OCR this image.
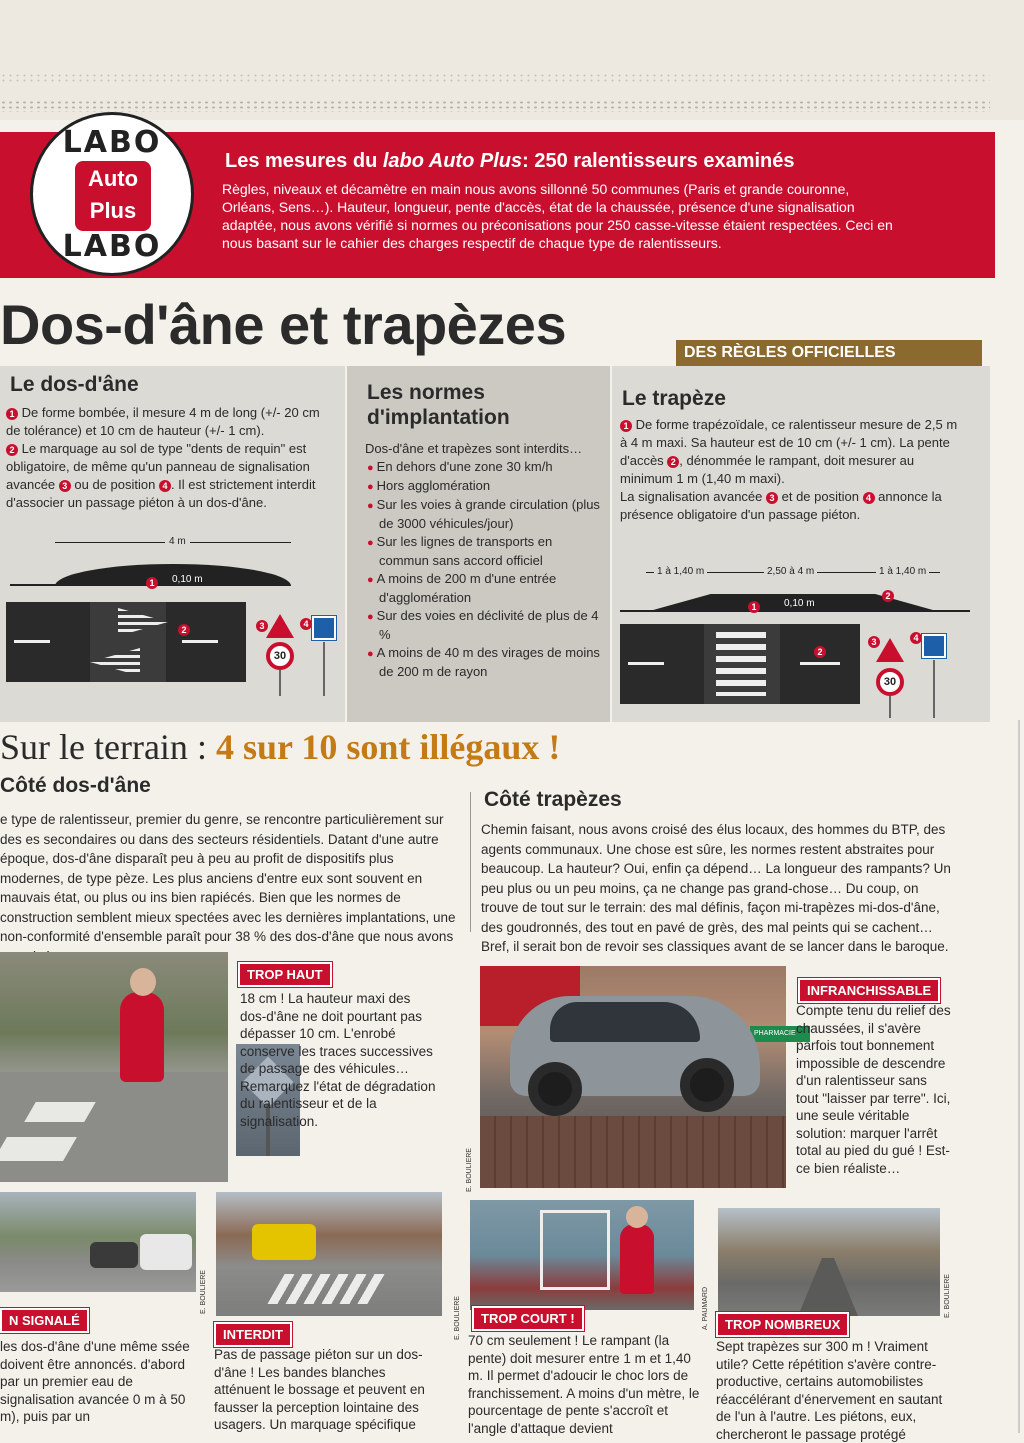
LABO
Auto
Plus
LABO
Les mesures du labo Auto Plus: 250 ralentisseurs examinés
Règles, niveaux et décamètre en main nous avons sillonné 50 communes (Paris et grande couronne, Orléans, Sens…). Hauteur, longueur, pente d'accès, état de la chaussée, présence d'une signalisation adaptée, nous avons vérifié si normes ou préconisations pour 250 casse-vitesse étaient respectées. Ceci en nous basant sur le cahier des charges respectif de chaque type de ralentisseurs.
Dos-d'âne et trapèzes	DES RÈGLES OFFICIELLES
Le dos-d'âne
1 De forme bombée, il mesure 4 m de long (+/- 20 cm de tolérance) et 10 cm de hauteur (+/- 1 cm).
2 Le marquage au sol de type "dents de requin" est obligatoire, de même qu'un panneau de signalisation avancée 3 ou de position 4 . Il est strictement interdit d'associer un passage piéton à un dos-d'âne.
4 m
1	0,10 m
2	3
30
4
Les normes d'implantation
Dos-d'âne et trapèzes sont interdits…
● En dehors d'une zone 30 km/h
● Hors agglomération
● Sur les voies à grande circulation (plus de 3000 véhicules/jour)
● Sur les lignes de transports en commun sans accord officiel
● A moins de 200 m d'une entrée d'agglomération
● Sur des voies en déclivité de plus de 4 %
● A moins de 40 m des virages de moins de 200 m de rayon
Le trapèze
1 De forme trapézoïdale, ce ralentisseur mesure de 2,5 m à 4 m maxi. Sa hauteur est de 10 cm (+/- 1 cm). La pente d'accès 2 , dénommée le rampant, doit mesurer au minimum 1 m (1,40 m maxi).
La signalisation avancée 3 et de position 4 annonce la présence obligatoire d'un passage piéton.
1 à 1,40 m	2,50 à 4 m	1 à 1,40 m
1	0,10 m
2
2
3
30
4
Sur le terrain : 4 sur 10 sont illégaux !
Côté dos-d'âne
Côté trapèzes
e type de ralentisseur, premier du genre, se rencontre particulièrement sur des es secondaires ou dans des secteurs résidentiels. Datant d'une autre époque, dos-d'âne disparaît peu à peu au profit de dispositifs plus modernes, de type pèze. Les plus anciens d'entre eux sont souvent en mauvais état, ou plus ou ins bien rapiécés. Bien que les normes de construction semblent mieux spectées avec les dernières implantations, une non-conformité d'ensemble paraît pour 38 % des dos-d'âne que nous avons
Chemin faisant, nous avons croisé des élus locaux, des hommes du BTP, des agents communaux. Une chose est sûre, les normes restent abstraites pour beaucoup. La hauteur? Oui, enfin ça dépend… La longueur des rampants? Un peu plus ou un peu moins, ça ne change pas grand-chose… Du coup, on trouve de tout sur le terrain: des mal définis, façon mi-trapèzes mi-dos-d'âne, des goudronnés, des tout en pavé de grès, des mal peints qui se cachent… Bref, il serait bon de revoir ses classiques avant de se lancer dans le baroque.
TROP HAUT
18 cm ! La hauteur maxi des dos-d'âne ne doit pourtant pas dépasser 10 cm. L'enrobé conserve les traces successives de passage des véhicules… Remarquez l'état de dégradation du ralentisseur et de la signalisation.
PHARMACIE
E. BOULIERE
INFRANCHISSABLE
Compte tenu du relief des chaussées, il s'avère parfois tout bonnement impossible de descendre d'un ralentisseur sans tout "laisser par terre". Ici, une seule véritable solution: marquer l'arrêt total au pied du gué ! Est-ce bien réaliste…
N SIGNALÉ
les dos-d'âne d'une même ssée doivent être annoncés. d'abord par un premier eau de signalisation avancée 0 m à 50 m), puis par un
E. BOULIERE
INTERDIT
Pas de passage piéton sur un dos-d'âne ! Les bandes blanches atténuent le bossage et peuvent en fausser la perception lointaine des usagers. Un marquage spécifique
E. BOULIERE	A. PAUMARD
TROP COURT !
70 cm seulement ! Le rampant (la pente) doit mesurer entre 1 m et 1,40 m. Il permet d'adoucir le choc lors de franchissement. A moins d'un mètre, le pourcentage de pente s'accroît et l'angle d'attaque devient
E. BOULIERE
TROP NOMBREUX
Sept trapèzes sur 300 m ! Vraiment utile? Cette répétition s'avère contre-productive, certains automobilistes réaccélérant d'énervement en sautant de l'un à l'autre. Les piétons, eux, chercheront le passage protégé
